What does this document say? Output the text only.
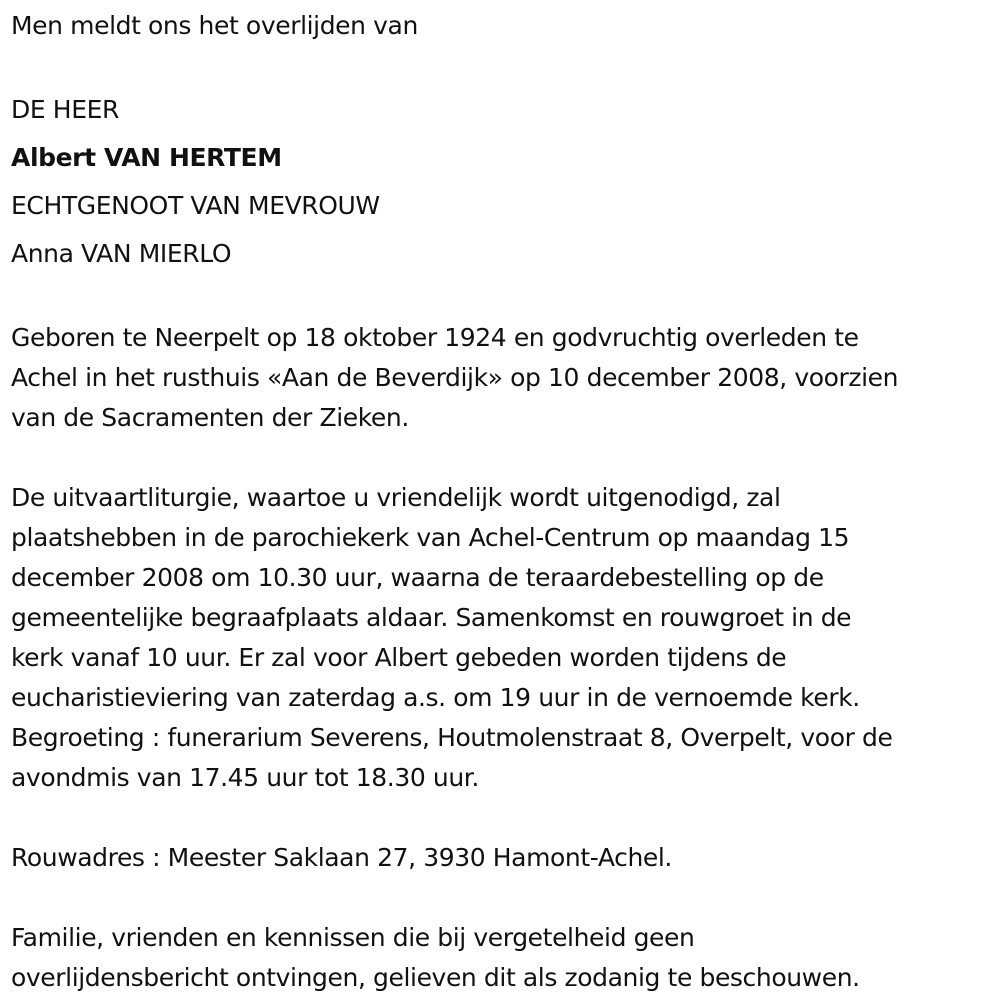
Men meldt ons het overlijden van

DE HEER

Albert VAN HERTEM

ECHTGENOOT VAN MEVROUW

Anna VAN MIERLO

Geboren te Neerpelt op 18 oktober 1924 en godvruchtig overleden te
Achel in het rusthuis «Aan de Beverdijk» op 10 december 2008, voorzien
van de Sacramenten der Zieken.
De uitvaartliturgie, waartoe u vriendelijk wordt uitgenodigd, zal
plaatshebben in de parochiekerk van Achel-Centrum op maandag 15
december 2008 om 10.30 uur, waarna de teraardebestelling op de
gemeentelijke begraafplaats aldaar. Samenkomst en rouwgroet in de
kerk vanaf 10 uur. Er zal voor Albert gebeden worden tijdens de
eucharistieviering van zaterdag a.s. om 19 uur in de vernoemde kerk.
Begroeting : funerarium Severens, Houtmolenstraat 8, Overpelt, voor de
avondmis van 17.45 uur tot 18.30 uur.

Rouwadres : Meester Saklaan 27, 3930 Hamont-Achel.

Familie, vrienden en kennissen die bij vergetelheid geen
overlijdensbericht ontvingen, gelieven dit als zodanig te beschouwen.
